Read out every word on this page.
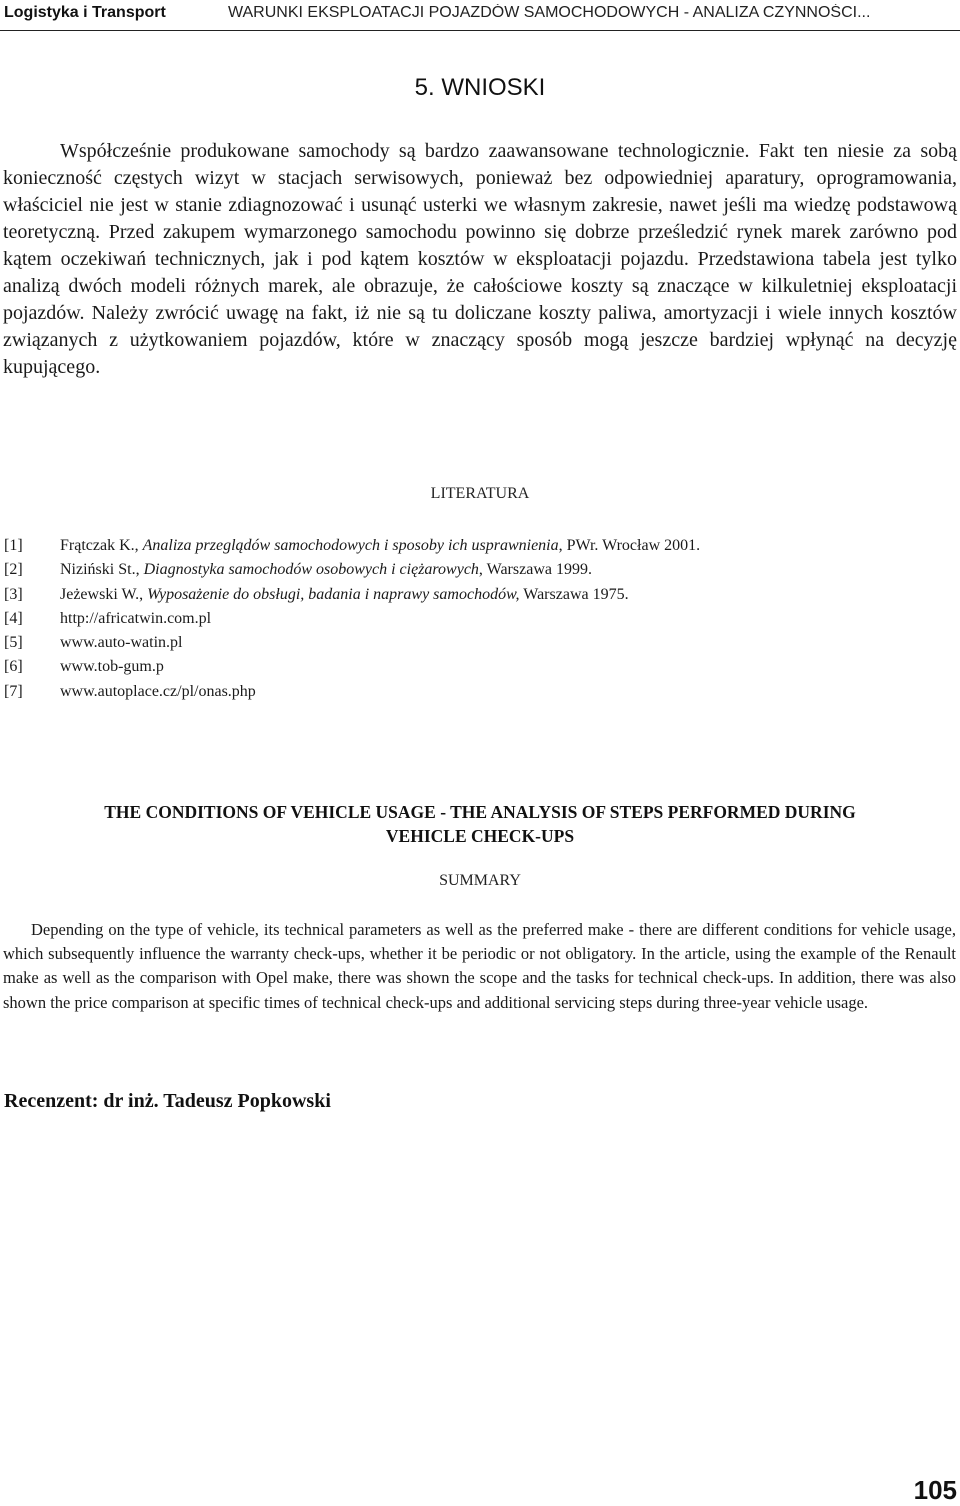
Logistyka i Transport	WARUNKI EKSPLOATACJI POJAZDÓW SAMOCHODOWYCH - ANALIZA CZYNNOŚCI...
5. WNIOSKI

Współcześnie produkowane samochody są bardzo zaawansowane technologicznie. Fakt ten niesie za sobą konieczność częstych wizyt w stacjach serwisowych, ponieważ bez odpowiedniej aparatury, oprogramowania, właściciel nie jest w stanie zdiagnozować i usunąć usterki we własnym zakresie, nawet jeśli ma wiedzę podstawową teoretyczną. Przed zakupem wymarzonego samochodu powinno się dobrze prześledzić rynek marek zarówno pod kątem oczekiwań technicznych, jak i pod kątem kosztów w eksploatacji pojazdu. Przedstawiona tabela jest tylko analizą dwóch modeli różnych marek, ale obrazuje, że całościowe koszty są znaczące w kilkuletniej eksploatacji pojazdów. Należy zwrócić uwagę na fakt, iż nie są tu doliczane koszty paliwa, amortyzacji i wiele innych kosztów związanych z użytkowaniem pojazdów, które w znaczący sposób mogą jeszcze bardziej wpłynąć na decyzję kupującego.

LITERATURA
[1] Frątczak K., Analiza przeglądów samochodowych i sposoby ich usprawnienia, PWr. Wrocław 2001.
[2] Niziński St., Diagnostyka samochodów osobowych i ciężarowych, Warszawa 1999.
[3] Jeżewski W., Wyposażenie do obsługi, badania i naprawy samochodów, Warszawa 1975.
[4] http://africatwin.com.pl
[5] www.auto-watin.pl
[6] www.tob-gum.p
[7] www.autoplace.cz/pl/onas.php
THE CONDITIONS OF VEHICLE USAGE - THE ANALYSIS OF STEPS PERFORMED DURING
VEHICLE CHECK-UPS
SUMMARY

Depending on the type of vehicle, its technical parameters as well as the preferred make - there are different conditions for vehicle usage, which subsequently influence the warranty check-ups, whether it be periodic or not obligatory. In the article, using the example of the Renault make as well as the comparison with Opel make, there was shown the scope and the tasks for technical check-ups. In addition, there was also shown the price comparison at specific times of technical check-ups and additional servicing steps during three-year vehicle usage.

Recenzent: dr inż. Tadeusz Popkowski
105
